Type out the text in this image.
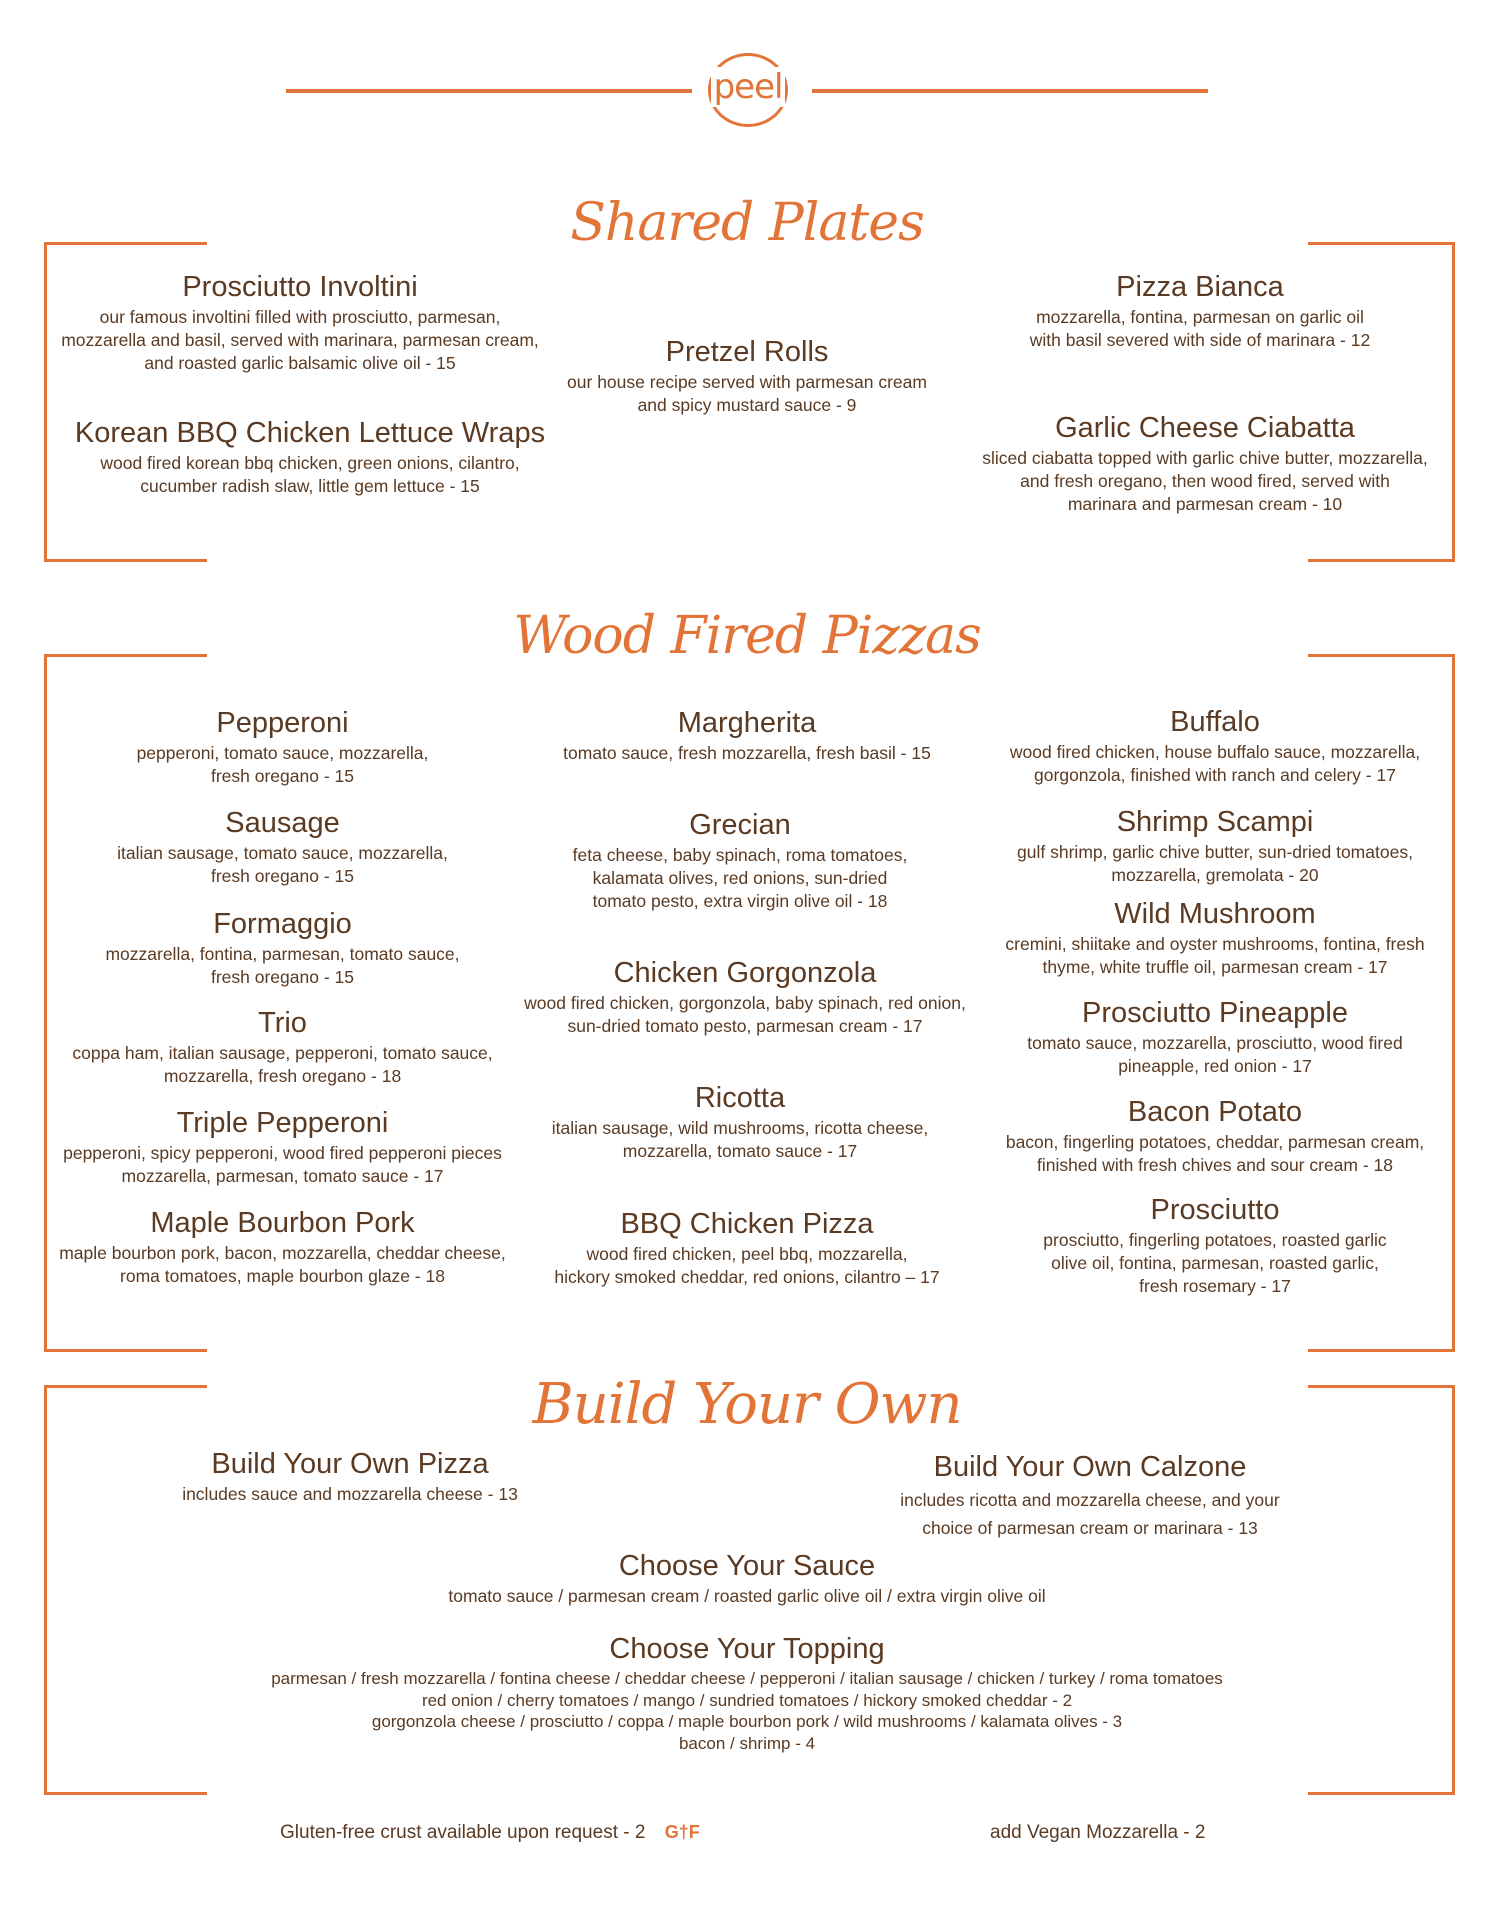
peel
Shared Plates
Prosciutto Involtini
our famous involtini filled with prosciutto, parmesan,
mozzarella and basil, served with marinara, parmesan cream,
and roasted garlic balsamic olive oil - 15
Korean BBQ Chicken Lettuce Wraps
wood fired korean bbq chicken, green onions, cilantro,
cucumber radish slaw, little gem lettuce - 15
Pretzel Rolls
our house recipe served with parmesan cream
and spicy mustard sauce - 9
Pizza Bianca
mozzarella, fontina, parmesan on garlic oil
with basil severed with side of marinara - 12
Garlic Cheese Ciabatta
sliced ciabatta topped with garlic chive butter, mozzarella,
and fresh oregano, then wood fired, served with
marinara and parmesan cream - 10
Wood Fired Pizzas
Pepperoni
pepperoni, tomato sauce, mozzarella,
fresh oregano - 15
Sausage
italian sausage, tomato sauce, mozzarella,
fresh oregano - 15
Formaggio
mozzarella, fontina, parmesan, tomato sauce,
fresh oregano - 15
Trio
coppa ham, italian sausage, pepperoni, tomato sauce,
mozzarella, fresh oregano - 18
Triple Pepperoni
pepperoni, spicy pepperoni, wood fired pepperoni pieces
mozzarella, parmesan, tomato sauce - 17
Maple Bourbon Pork
maple bourbon pork, bacon, mozzarella, cheddar cheese,
roma tomatoes, maple bourbon glaze - 18
Margherita
tomato sauce, fresh mozzarella, fresh basil - 15
Grecian
feta cheese, baby spinach, roma tomatoes,
kalamata olives, red onions, sun-dried
tomato pesto, extra virgin olive oil - 18
Chicken Gorgonzola
wood fired chicken, gorgonzola, baby spinach, red onion,
sun-dried tomato pesto, parmesan cream - 17
Ricotta
italian sausage, wild mushrooms, ricotta cheese,
mozzarella, tomato sauce - 17
BBQ Chicken Pizza
wood fired chicken, peel bbq, mozzarella,
hickory smoked cheddar, red onions, cilantro – 17
Buffalo
wood fired chicken, house buffalo sauce, mozzarella,
gorgonzola, finished with ranch and celery - 17
Shrimp Scampi
gulf shrimp, garlic chive butter, sun-dried tomatoes,
mozzarella, gremolata - 20
Wild Mushroom
cremini, shiitake and oyster mushrooms, fontina, fresh
thyme, white truffle oil, parmesan cream - 17
Prosciutto Pineapple
tomato sauce, mozzarella, prosciutto, wood fired
pineapple, red onion - 17
Bacon Potato
bacon, fingerling potatoes, cheddar, parmesan cream,
finished with fresh chives and sour cream - 18
Prosciutto
prosciutto, fingerling potatoes, roasted garlic
olive oil, fontina, parmesan, roasted garlic,
fresh rosemary - 17
Build Your Own
Build Your Own Pizza
includes sauce and mozzarella cheese - 13
Build Your Own Calzone
includes ricotta and mozzarella cheese, and your
choice of parmesan cream or marinara - 13
Choose Your Sauce
tomato sauce / parmesan cream / roasted garlic olive oil / extra virgin olive oil
Choose Your Topping
parmesan / fresh mozzarella / fontina cheese / cheddar cheese / pepperoni / italian sausage / chicken / turkey / roma tomatoes
red onion / cherry tomatoes / mango / sundried tomatoes / hickory smoked cheddar - 2
gorgonzola cheese / prosciutto / coppa / maple bourbon pork / wild mushrooms / kalamata olives - 3
bacon / shrimp - 4
Gluten-free crust available upon request - 2 G†F	add Vegan Mozzarella - 2
